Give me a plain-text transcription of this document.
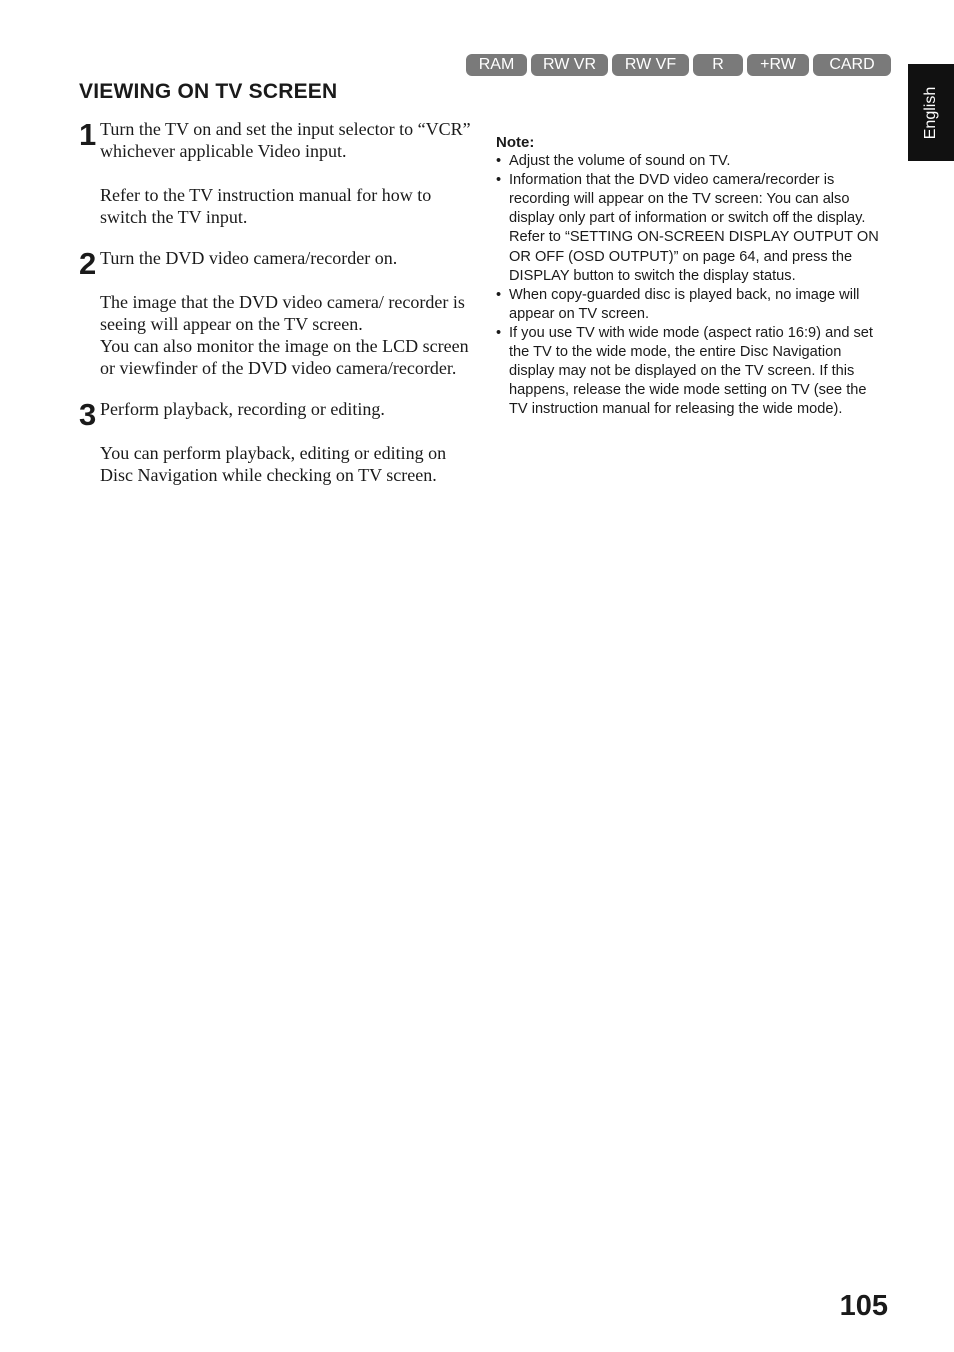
RAM	RW VR	RW VF	R	+RW	CARD
English
VIEWING ON TV SCREEN
1 Turn the TV on and set the input selector to “VCR” whichever applicable Video input.

Refer to the TV instruction manual for how to switch the TV input.

2 Turn the DVD video camera/recorder on.

The image that the DVD video camera/ recorder is seeing will appear on the TV screen.

You can also monitor the image on the LCD screen or viewfinder of the DVD video camera/recorder.

3 Perform playback, recording or editing.

You can perform playback, editing or editing on Disc Navigation while checking on TV screen.

Note:
• Adjust the volume of sound on TV.
• Information that the DVD video camera/recorder is recording will appear on the TV screen: You can also display only part of information or switch off the display. Refer to “SETTING ON-SCREEN DISPLAY OUTPUT ON OR OFF (OSD OUTPUT)” on page 64, and press the DISPLAY button to switch the display status.
• When copy-guarded disc is played back, no image will appear on TV screen.
• If you use TV with wide mode (aspect ratio 16:9) and set the TV to the wide mode, the entire Disc Navigation display may not be displayed on the TV screen. If this happens, release the wide mode setting on TV (see the TV instruction manual for releasing the wide mode).
105
